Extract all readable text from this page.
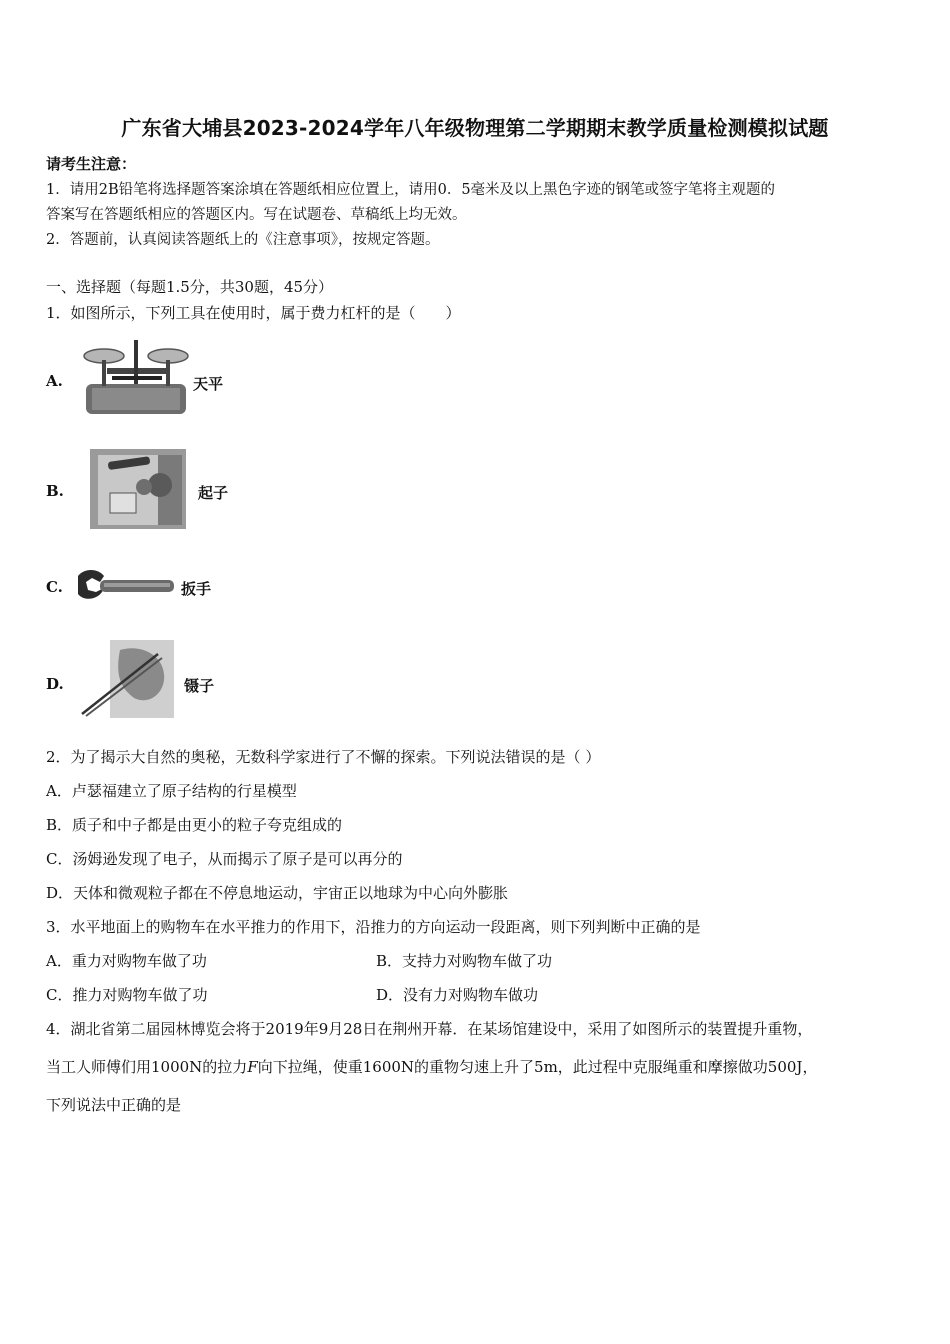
广东省大埔县2023-2024学年八年级物理第二学期期末教学质量检测模拟试题
请考生注意：
1．请用2B铅笔将选择题答案涂填在答题纸相应位置上，请用0．5毫米及以上黑色字迹的钢笔或签字笔将主观题的
答案写在答题纸相应的答题区内。写在试题卷、草稿纸上均无效。
2．答题前，认真阅读答题纸上的《注意事项》，按规定答题。
一、选择题（每题1.5分，共30题，45分）
1．如图所示，下列工具在使用时，属于费力杠杆的是（　　）
A.	天平
B.	起子
C.	扳手
D.	镊子
2．为了揭示大自然的奥秘，无数科学家进行了不懈的探索。下列说法错误的是（ ）
A．卢瑟福建立了原子结构的行星模型
B．质子和中子都是由更小的粒子夸克组成的
C．汤姆逊发现了电子，从而揭示了原子是可以再分的
D．天体和微观粒子都在不停息地运动，宇宙正以地球为中心向外膨胀
3．水平地面上的购物车在水平推力的作用下，沿推力的方向运动一段距离，则下列判断中正确的是
A．重力对购物车做了功	B．支持力对购物车做了功
C．推力对购物车做了功	D．没有力对购物车做功
4．湖北省第二届园林博览会将于2019年9月28日在荆州开幕．在某场馆建设中，采用了如图所示的装置提升重物，
当工人师傅们用1000N的拉力F向下拉绳，使重1600N的重物匀速上升了5m，此过程中克服绳重和摩擦做功500J，
下列说法中正确的是
